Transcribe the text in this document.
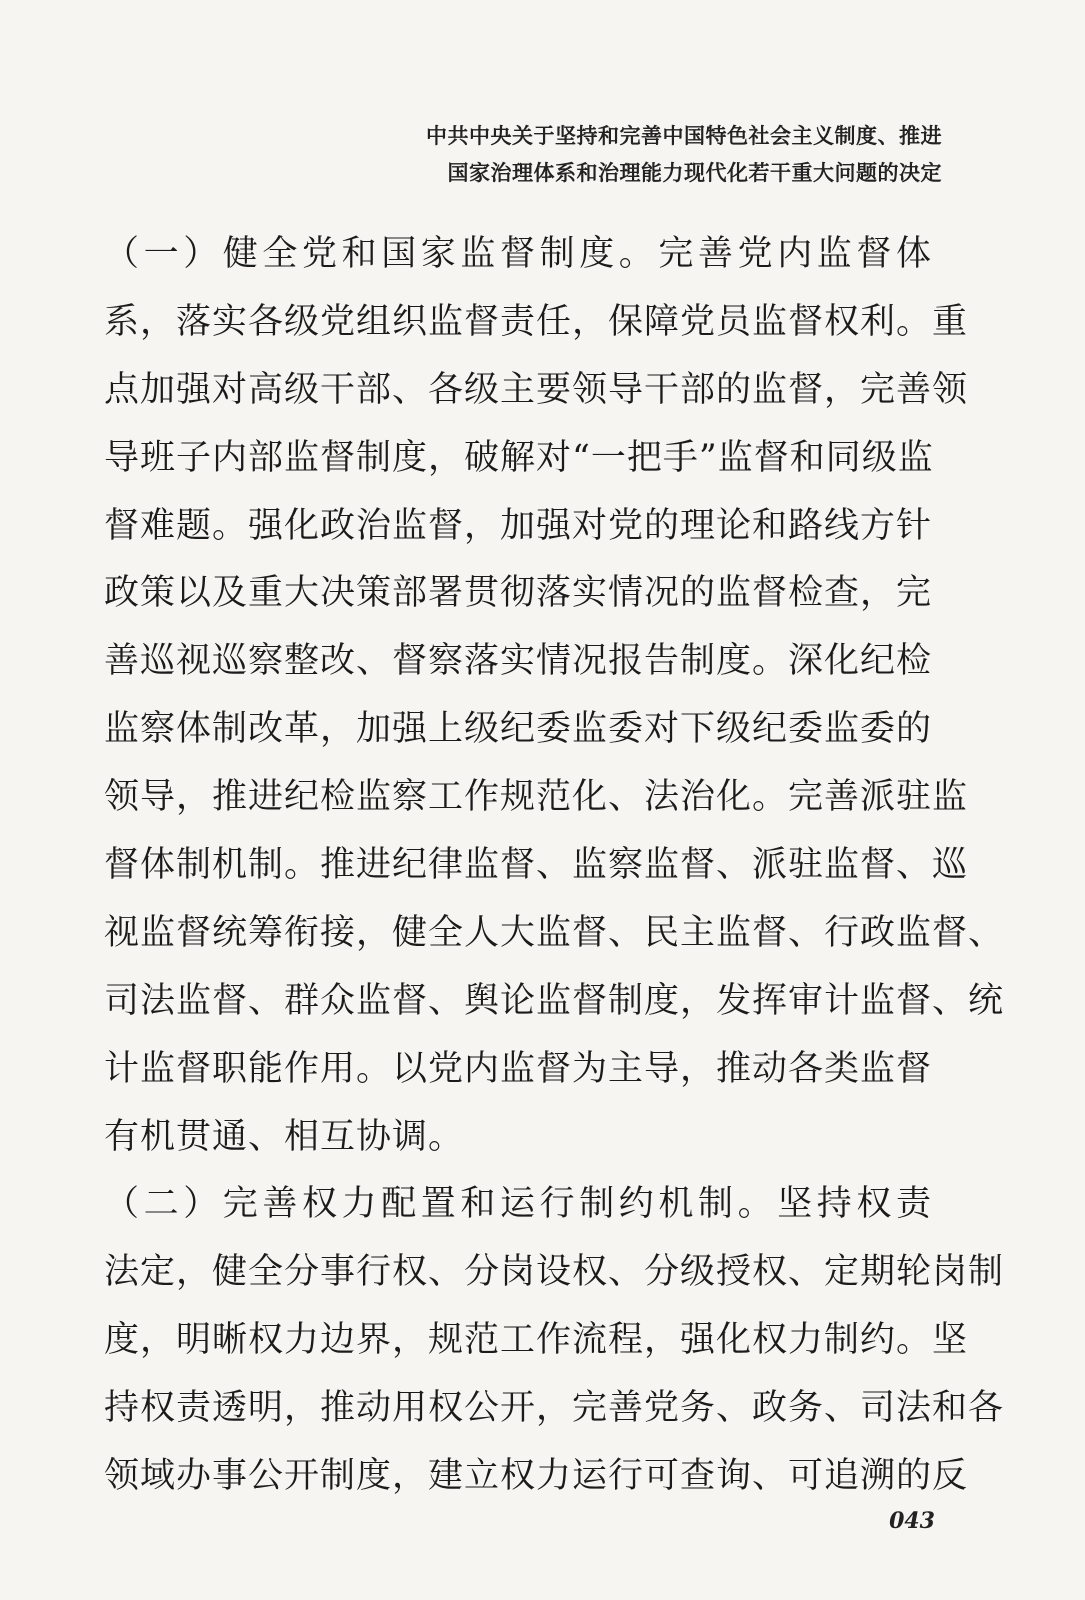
中共中央关于坚持和完善中国特色社会主义制度、推进
国家治理体系和治理能力现代化若干重大问题的决定
（一）健全党和国家监督制度。完善党内监督体
系，落实各级党组织监督责任，保障党员监督权利。重
点加强对高级干部、各级主要领导干部的监督，完善领
导班子内部监督制度，破解对“一把手”监督和同级监
督难题。强化政治监督，加强对党的理论和路线方针
政策以及重大决策部署贯彻落实情况的监督检查，完
善巡视巡察整改、督察落实情况报告制度。深化纪检
监察体制改革，加强上级纪委监委对下级纪委监委的
领导，推进纪检监察工作规范化、法治化。完善派驻监
督体制机制。推进纪律监督、监察监督、派驻监督、巡
视监督统筹衔接，健全人大监督、民主监督、行政监督、
司法监督、群众监督、舆论监督制度，发挥审计监督、统
计监督职能作用。以党内监督为主导，推动各类监督
有机贯通、相互协调。
（二）完善权力配置和运行制约机制。坚持权责
法定，健全分事行权、分岗设权、分级授权、定期轮岗制
度，明晰权力边界，规范工作流程，强化权力制约。坚
持权责透明，推动用权公开，完善党务、政务、司法和各
领域办事公开制度，建立权力运行可查询、可追溯的反
043
